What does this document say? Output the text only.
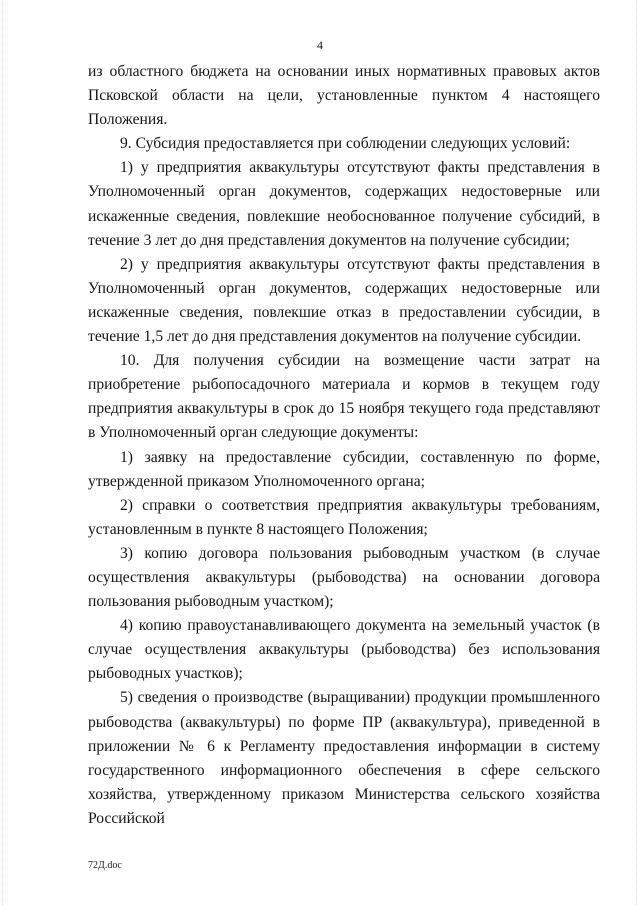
4

из областного бюджета на основании иных нормативных правовых актов Псковской области на цели, установленные пунктом 4 настоящего Положения.

9. Субсидия предоставляется при соблюдении следующих условий:

1) у предприятия аквакультуры отсутствуют факты представления в Уполномоченный орган документов, содержащих недостоверные или искаженные сведения, повлекшие необоснованное получение субсидий, в течение 3 лет до дня представления документов на получение субсидии;

2) у предприятия аквакультуры отсутствуют факты представления в Уполномоченный орган документов, содержащих недостоверные или искаженные сведения, повлекшие отказ в предоставлении субсидии, в течение 1,5 лет до дня представления документов на получение субсидии.

10. Для получения субсидии на возмещение части затрат на приобретение рыбопосадочного материала и кормов в текущем году предприятия аквакультуры в срок до 15 ноября текущего года представляют в Уполномоченный орган следующие документы:

1) заявку на предоставление субсидии, составленную по форме, утвержденной приказом Уполномоченного органа;

2) справки о соответствия предприятия аквакультуры требованиям, установленным в пункте 8 настоящего Положения;

3) копию договора пользования рыбоводным участком (в случае осуществления аквакультуры (рыбоводства) на основании договора пользования рыбоводным участком);

4) копию правоустанавливающего документа на земельный участок (в случае осуществления аквакультуры (рыбоводства) без использования рыбоводных участков);

5) сведения о производстве (выращивании) продукции промышленного рыбоводства (аквакультуры) по форме ПР (аквакультура), приведенной в приложении № 6 к Регламенту предоставления информации в систему государственного информационного обеспечения в сфере сельского хозяйства, утвержденному приказом Министерства сельского хозяйства Российской

72Д.doc
